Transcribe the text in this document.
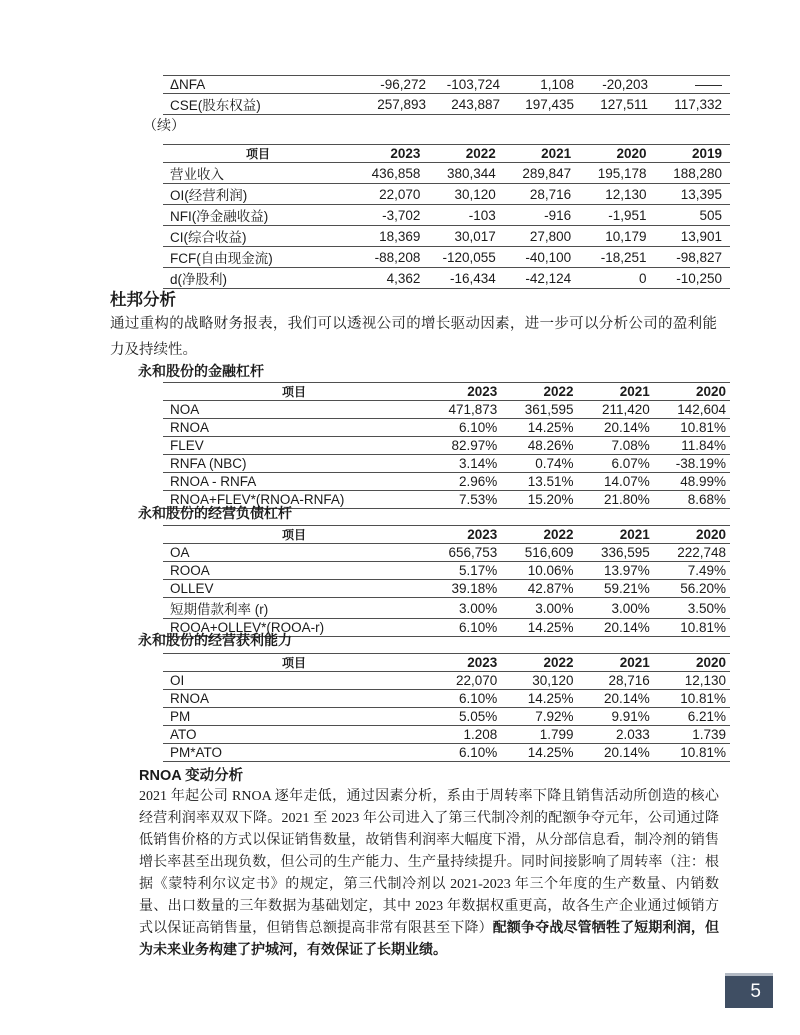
ΔNFA	-96,272	-103,724	1,108	-20,203	——
CSE(股东权益)	257,893	243,887	197,435	127,511	117,332
（续）
项目	2023	2022	2021	2020	2019
营业收入	436,858	380,344	289,847	195,178	188,280
OI(经营利润)	22,070	30,120	28,716	12,130	13,395
NFI(净金融收益)	-3,702	-103	-916	-1,951	505
CI(综合收益)	18,369	30,017	27,800	10,179	13,901
FCF(自由现金流)	-88,208	-120,055	-40,100	-18,251	-98,827
d(净股利)	4,362	-16,434	-42,124	0	-10,250
杜邦分析
通过重构的战略财务报表，我们可以透视公司的增长驱动因素，进一步可以分析公司的盈利能力及持续性。
永和股份的金融杠杆
项目	2023	2022	2021	2020
NOA	471,873	361,595	211,420	142,604
RNOA	6.10%	14.25%	20.14%	10.81%
FLEV	82.97%	48.26%	7.08%	11.84%
RNFA (NBC)	3.14%	0.74%	6.07%	-38.19%
RNOA - RNFA	2.96%	13.51%	14.07%	48.99%
RNOA+FLEV*(RNOA-RNFA)	7.53%	15.20%	21.80%	8.68%
永和股份的经营负债杠杆
项目	2023	2022	2021	2020
OA	656,753	516,609	336,595	222,748
ROOA	5.17%	10.06%	13.97%	7.49%
OLLEV	39.18%	42.87%	59.21%	56.20%
短期借款利率 (r)	3.00%	3.00%	3.00%	3.50%
ROOA+OLLEV*(ROOA-r)	6.10%	14.25%	20.14%	10.81%
永和股份的经营获利能力
项目	2023	2022	2021	2020
OI	22,070	30,120	28,716	12,130
RNOA	6.10%	14.25%	20.14%	10.81%
PM	5.05%	7.92%	9.91%	6.21%
ATO	1.208	1.799	2.033	1.739
PM*ATO	6.10%	14.25%	20.14%	10.81%
RNOA 变动分析
2021 年起公司 RNOA 逐年走低，通过因素分析，系由于周转率下降且销售活动所创造的核心经营利润率双双下降。2021 至 2023 年公司进入了第三代制冷剂的配额争夺元年，公司通过降低销售价格的方式以保证销售数量，故销售利润率大幅度下滑，从分部信息看，制冷剂的销售增长率甚至出现负数，但公司的生产能力、生产量持续提升。同时间接影响了周转率（注：根据《蒙特利尔议定书》的规定，第三代制冷剂以 2021-2023 年三个年度的生产数量、内销数量、出口数量的三年数据为基础划定，其中 2023 年数据权重更高，故各生产企业通过倾销方式以保证高销售量，但销售总额提高非常有限甚至下降）配额争夺战尽管牺牲了短期利润，但为未来业务构建了护城河，有效保证了长期业绩。
5
